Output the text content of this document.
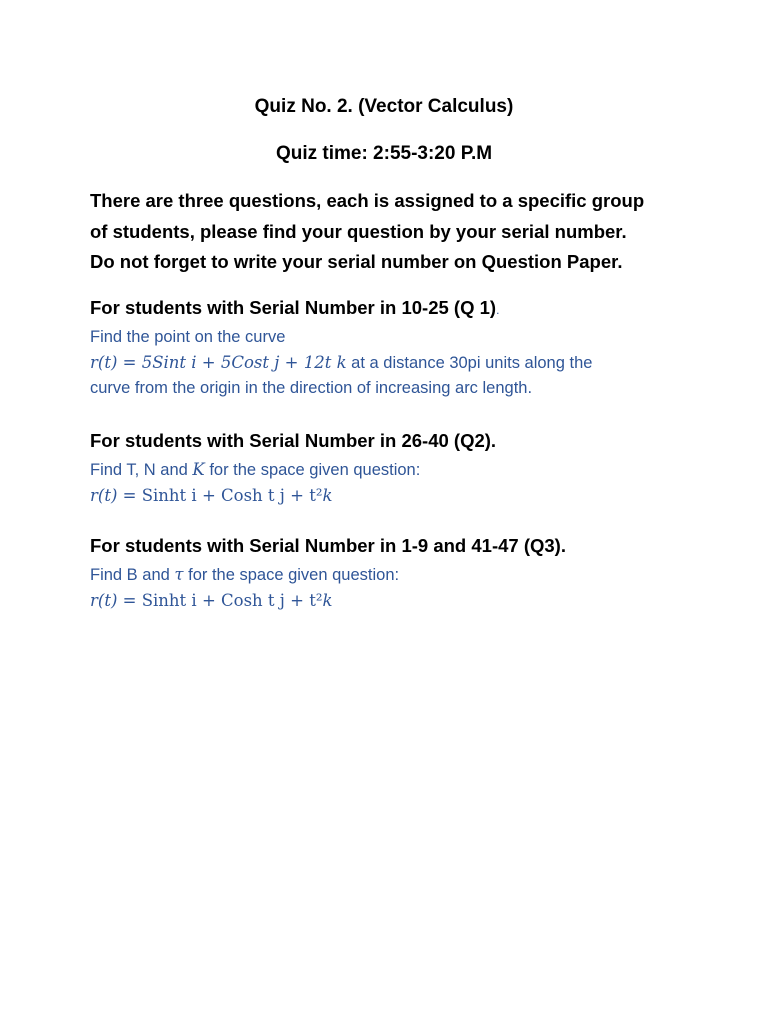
Quiz No. 2. (Vector Calculus)
Quiz time: 2:55-3:20 P.M
There are three questions, each is assigned to a specific group
of students, please find your question by your serial number.
Do not forget to write your serial number on Question Paper.
For students with Serial Number in 10-25 (Q 1).
Find the point on the curve
r(t) = 5Sint i + 5Cost j + 12t k at a distance 30pi units along the
curve from the origin in the direction of increasing arc length.
For students with Serial Number in 26-40 (Q2).
Find T, N and K for the space given question:
r(t) = Sinht i + Cosh t j + t²k
For students with Serial Number in 1-9 and 41-47 (Q3).
Find B and τ for the space given question:
r(t) = Sinht i + Cosh t j + t²k
